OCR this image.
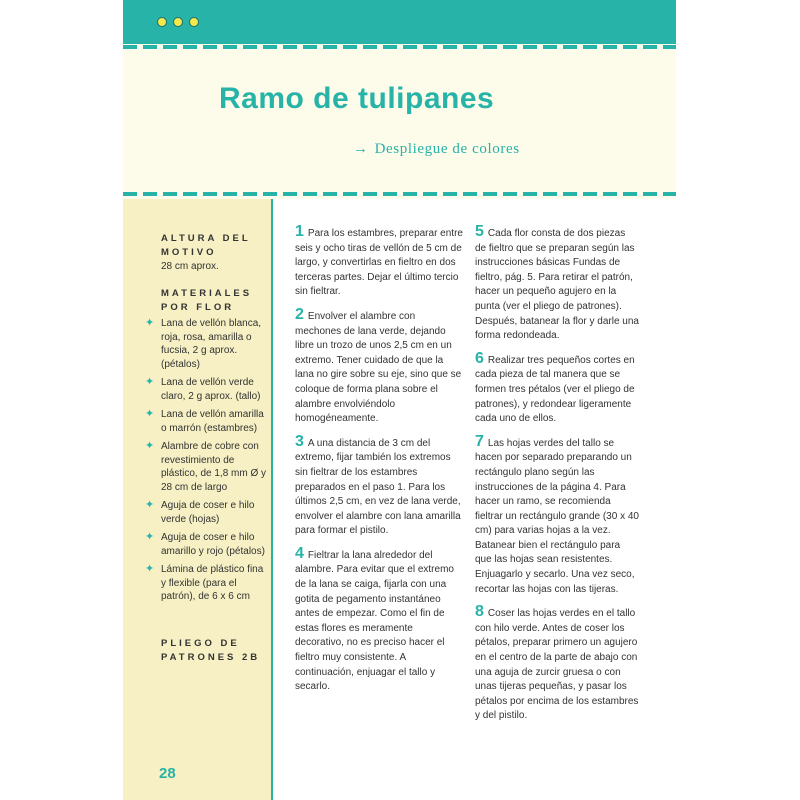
Ramo de tulipanes
→ Despliegue de colores
ALTURA DEL MOTIVO
28 cm aprox.
MATERIALES POR FLOR
✦ Lana de vellón blanca, roja, rosa, amarilla o fucsia, 2 g aprox. (pétalos)
✦ Lana de vellón verde claro, 2 g aprox. (tallo)
✦ Lana de vellón amarilla o marrón (estambres)
✦ Alambre de cobre con revestimiento de plástico, de 1,8 mm Ø y 28 cm de largo
✦ Aguja de coser e hilo verde (hojas)
✦ Aguja de coser e hilo amarillo y rojo (pétalos)
✦ Lámina de plástico fina y flexible (para el patrón), de 6 x 6 cm
PLIEGO DE PATRONES 2B
28

1 Para los estambres, preparar entre seis y ocho tiras de vellón de 5 cm de largo, y convertirlas en fieltro en dos terceras partes. Dejar el último tercio sin fieltrar.

2 Envolver el alambre con mechones de lana verde, dejando libre un trozo de unos 2,5 cm en un extremo. Tener cuidado de que la lana no gire sobre su eje, sino que se coloque de forma plana sobre el alambre envolviéndolo homogéneamente.

3 A una distancia de 3 cm del extremo, fijar también los extremos sin fieltrar de los estambres preparados en el paso 1. Para los últimos 2,5 cm, en vez de lana verde, envolver el alambre con lana amarilla para formar el pistilo.

4 Fieltrar la lana alrededor del alambre. Para evitar que el extremo de la lana se caiga, fijarla con una gotita de pegamento instantáneo antes de empezar. Como el fin de estas flores es meramente decorativo, no es preciso hacer el fieltro muy consistente. A continuación, enjuagar el tallo y secarlo.

5 Cada flor consta de dos piezas de fieltro que se preparan según las instrucciones básicas Fundas de fieltro, pág. 5. Para retirar el patrón, hacer un pequeño agujero en la punta (ver el pliego de patrones). Después, batanear la flor y darle una forma redondeada.

6 Realizar tres pequeños cortes en cada pieza de tal manera que se formen tres pétalos (ver el pliego de patrones), y redondear ligeramente cada uno de ellos.

7 Las hojas verdes del tallo se hacen por separado preparando un rectángulo plano según las instrucciones de la página 4. Para hacer un ramo, se recomienda fieltrar un rectángulo grande (30 x 40 cm) para varias hojas a la vez. Batanear bien el rectángulo para que las hojas sean resistentes. Enjuagarlo y secarlo. Una vez seco, recortar las hojas con las tijeras.

8 Coser las hojas verdes en el tallo con hilo verde. Antes de coser los pétalos, preparar primero un agujero en el centro de la parte de abajo con una aguja de zurcir gruesa o con unas tijeras pequeñas, y pasar los pétalos por encima de los estambres y del pistilo.
